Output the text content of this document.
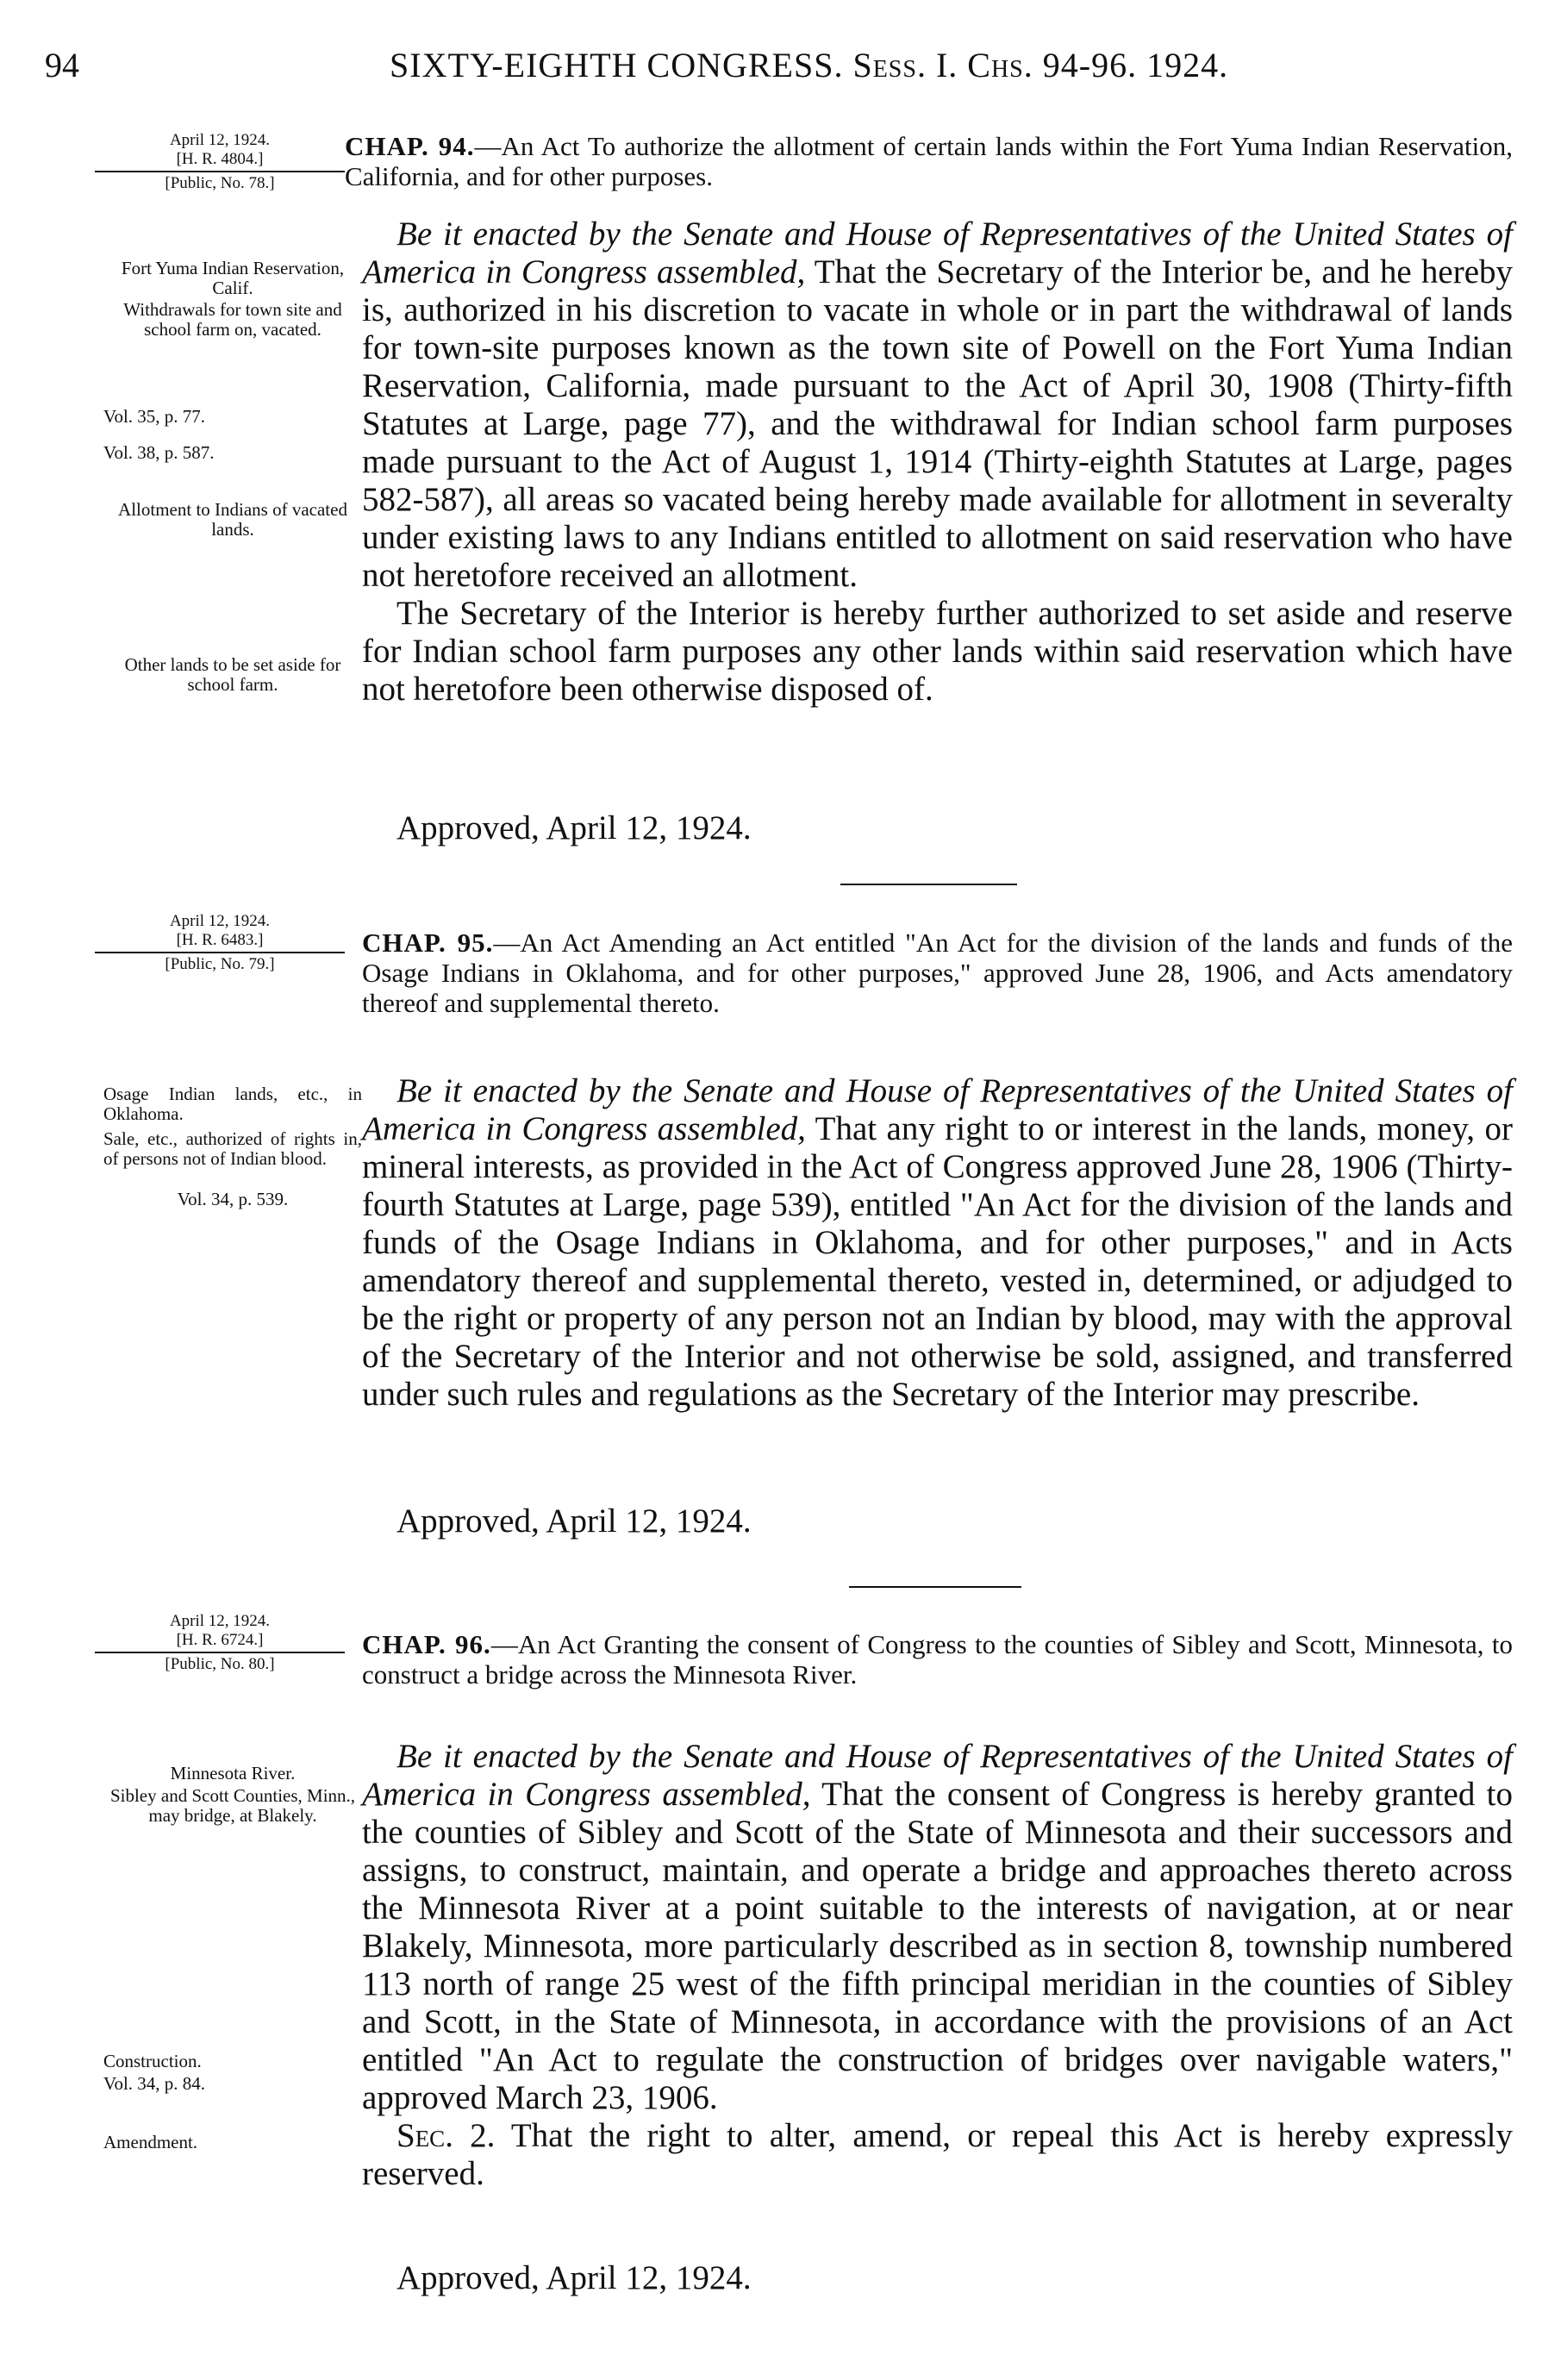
94	SIXTY-EIGHTH CONGRESS. Sess. I. Chs. 94-96. 1924.
April 12, 1924.
[H. R. 4804.]
[Public, No. 78.]
CHAP. 94.—An Act To authorize the allotment of certain lands within the Fort Yuma Indian Reservation, California, and for other purposes.
Fort Yuma Indian Reservation, Calif.
Withdrawals for town site and school farm on, vacated.
Vol. 35, p. 77.
Vol. 38, p. 587.
Allotment to Indians of vacated lands.
Other lands to be set aside for school farm.
Be it enacted by the Senate and House of Representatives of the United States of America in Congress assembled, That the Secretary of the Interior be, and he hereby is, authorized in his discretion to vacate in whole or in part the withdrawal of lands for town-site purposes known as the town site of Powell on the Fort Yuma Indian Reservation, California, made pursuant to the Act of April 30, 1908 (Thirty-fifth Statutes at Large, page 77), and the withdrawal for Indian school farm purposes made pursuant to the Act of August 1, 1914 (Thirty-eighth Statutes at Large, pages 582-587), all areas so vacated being hereby made available for allotment in severalty under existing laws to any Indians entitled to allotment on said reservation who have not heretofore received an allotment.
The Secretary of the Interior is hereby further authorized to set aside and reserve for Indian school farm purposes any other lands within said reservation which have not heretofore been otherwise disposed of.
Approved, April 12, 1924.
April 12, 1924.
[H. R. 6483.]
[Public, No. 79.]
CHAP. 95.—An Act Amending an Act entitled "An Act for the division of the lands and funds of the Osage Indians in Oklahoma, and for other purposes," approved June 28, 1906, and Acts amendatory thereof and supplemental thereto.
Osage Indian lands, etc., in Oklahoma.
Sale, etc., authorized of rights in, of persons not of Indian blood.
Vol. 34, p. 539.
Be it enacted by the Senate and House of Representatives of the United States of America in Congress assembled, That any right to or interest in the lands, money, or mineral interests, as provided in the Act of Congress approved June 28, 1906 (Thirty-fourth Statutes at Large, page 539), entitled "An Act for the division of the lands and funds of the Osage Indians in Oklahoma, and for other purposes," and in Acts amendatory thereof and supplemental thereto, vested in, determined, or adjudged to be the right or property of any person not an Indian by blood, may with the approval of the Secretary of the Interior and not otherwise be sold, assigned, and transferred under such rules and regulations as the Secretary of the Interior may prescribe.
Approved, April 12, 1924.
April 12, 1924.
[H. R. 6724.]
[Public, No. 80.]
CHAP. 96.—An Act Granting the consent of Congress to the counties of Sibley and Scott, Minnesota, to construct a bridge across the Minnesota River.
Minnesota River.
Sibley and Scott Counties, Minn., may bridge, at Blakely.
Construction.
Vol. 34, p. 84.
Amendment.
Be it enacted by the Senate and House of Representatives of the United States of America in Congress assembled, That the consent of Congress is hereby granted to the counties of Sibley and Scott of the State of Minnesota and their successors and assigns, to construct, maintain, and operate a bridge and approaches thereto across the Minnesota River at a point suitable to the interests of navigation, at or near Blakely, Minnesota, more particularly described as in section 8, township numbered 113 north of range 25 west of the fifth principal meridian in the counties of Sibley and Scott, in the State of Minnesota, in accordance with the provisions of an Act entitled "An Act to regulate the construction of bridges over navigable waters," approved March 23, 1906.
Sec. 2. That the right to alter, amend, or repeal this Act is hereby expressly reserved.
Approved, April 12, 1924.
